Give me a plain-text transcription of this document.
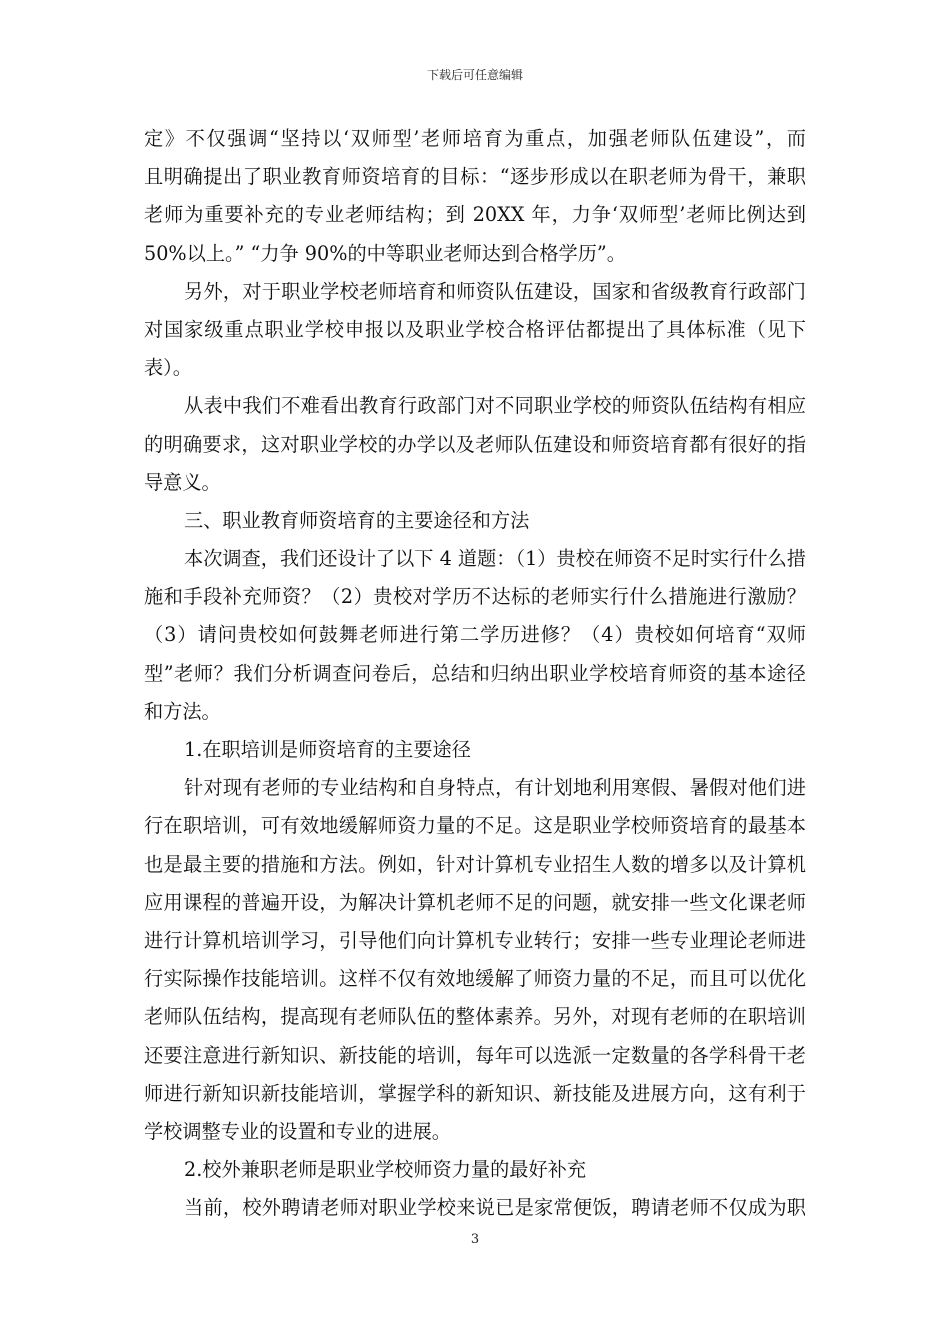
下载后可任意编辑
定》不仅强调“坚持以‘双师型’老师培育为重点，加强老师队伍建设”，而
且明确提出了职业教育师资培育的目标：“逐步形成以在职老师为骨干，兼职
老师为重要补充的专业老师结构；到 20XX 年，力争‘双师型’老师比例达到
50%以上。” “力争 90%的中等职业老师达到合格学历”。
另外，对于职业学校老师培育和师资队伍建设，国家和省级教育行政部门
对国家级重点职业学校申报以及职业学校合格评估都提出了具体标准（见下
表）。
从表中我们不难看出教育行政部门对不同职业学校的师资队伍结构有相应
的明确要求，这对职业学校的办学以及老师队伍建设和师资培育都有很好的指
导意义。
三、职业教育师资培育的主要途径和方法
本次调查，我们还设计了以下 4 道题：（1）贵校在师资不足时实行什么措
施和手段补充师资？（2）贵校对学历不达标的老师实行什么措施进行激励？
（3）请问贵校如何鼓舞老师进行第二学历进修？（4）贵校如何培育“双师
型”老师？我们分析调查问卷后，总结和归纳出职业学校培育师资的基本途径
和方法。
1.在职培训是师资培育的主要途径
针对现有老师的专业结构和自身特点，有计划地利用寒假、暑假对他们进
行在职培训，可有效地缓解师资力量的不足。这是职业学校师资培育的最基本
也是最主要的措施和方法。例如，针对计算机专业招生人数的增多以及计算机
应用课程的普遍开设，为解决计算机老师不足的问题，就安排一些文化课老师
进行计算机培训学习，引导他们向计算机专业转行；安排一些专业理论老师进
行实际操作技能培训。这样不仅有效地缓解了师资力量的不足，而且可以优化
老师队伍结构，提高现有老师队伍的整体素养。另外，对现有老师的在职培训
还要注意进行新知识、新技能的培训，每年可以选派一定数量的各学科骨干老
师进行新知识新技能培训，掌握学科的新知识、新技能及进展方向，这有利于
学校调整专业的设置和专业的进展。
2.校外兼职老师是职业学校师资力量的最好补充
当前，校外聘请老师对职业学校来说已是家常便饭，聘请老师不仅成为职
3
